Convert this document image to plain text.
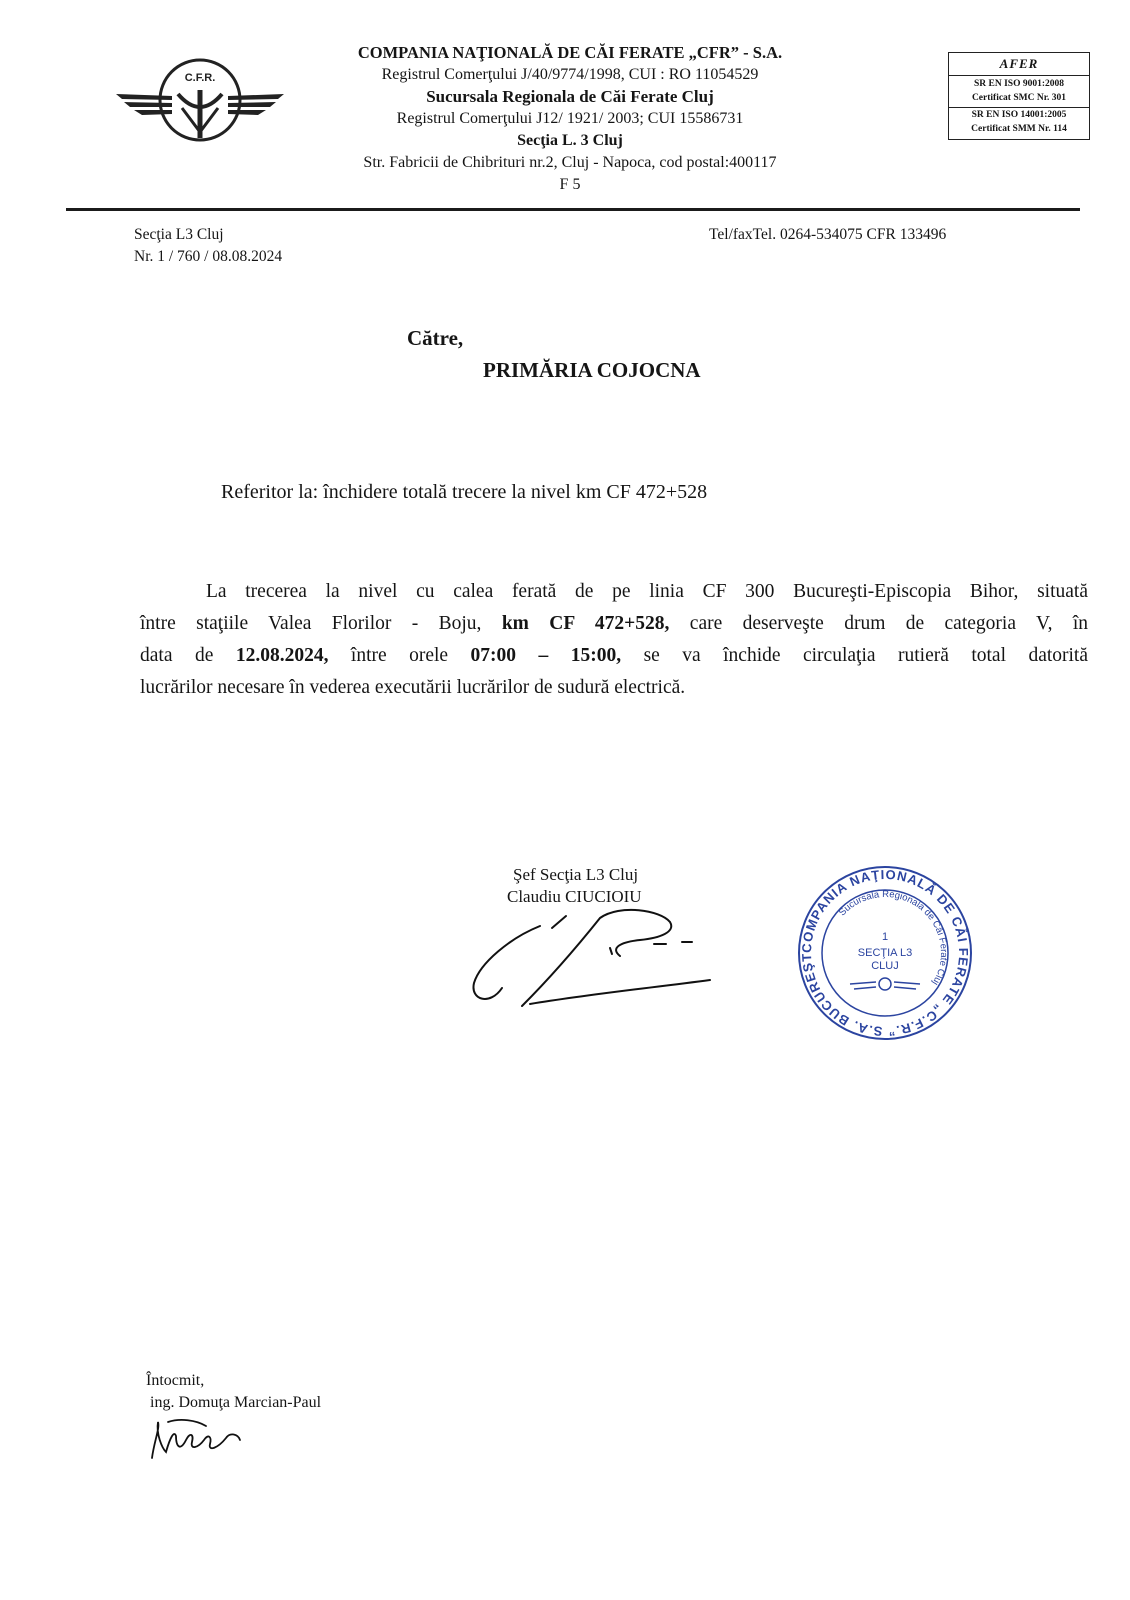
C.F.R.
COMPANIA NAŢIONALĂ DE CĂI FERATE „CFR” - S.A.
Registrul Comerţului J/40/9774/1998, CUI : RO 11054529
Sucursala Regionala de Căi Ferate Cluj
Registrul Comerţului J12/ 1921/ 2003; CUI 15586731
Secţia L. 3 Cluj
Str. Fabricii de Chibrituri nr.2, Cluj - Napoca, cod postal:400117
F 5
AFER
SR EN ISO 9001:2008
Certificat SMC Nr. 301
SR EN ISO 14001:2005
Certificat SMM Nr. 114
Secţia L3 Cluj
Nr. 1 / 760 / 08.08.2024
Tel/faxTel. 0264-534075 CFR 133496
Către,
PRIMĂRIA COJOCNA
Referitor la: închidere totală trecere la nivel km CF 472+528
La trecerea la nivel cu calea ferată de pe linia CF 300 Bucureşti-Episcopia Bihor, situată
între staţiile Valea Florilor - Boju, km CF 472+528, care deserveşte drum de categoria V, în
data de 12.08.2024, între orele 07:00 – 15:00, se va închide circulaţia rutieră total datorită
lucrărilor necesare în vederea executării lucrărilor de sudură electrică.
Şef Secţia L3 Cluj
Claudiu CIUCIOIU
COMPANIA NAŢIONALĂ DE CĂI FERATE „C.F.R.” S.A. BUCUREŞT
Sucursala Regionala de Căi Ferate Cluj
1
SECŢIA L3
CLUJ
Întocmit,
ing. Domuţa Marcian-Paul
